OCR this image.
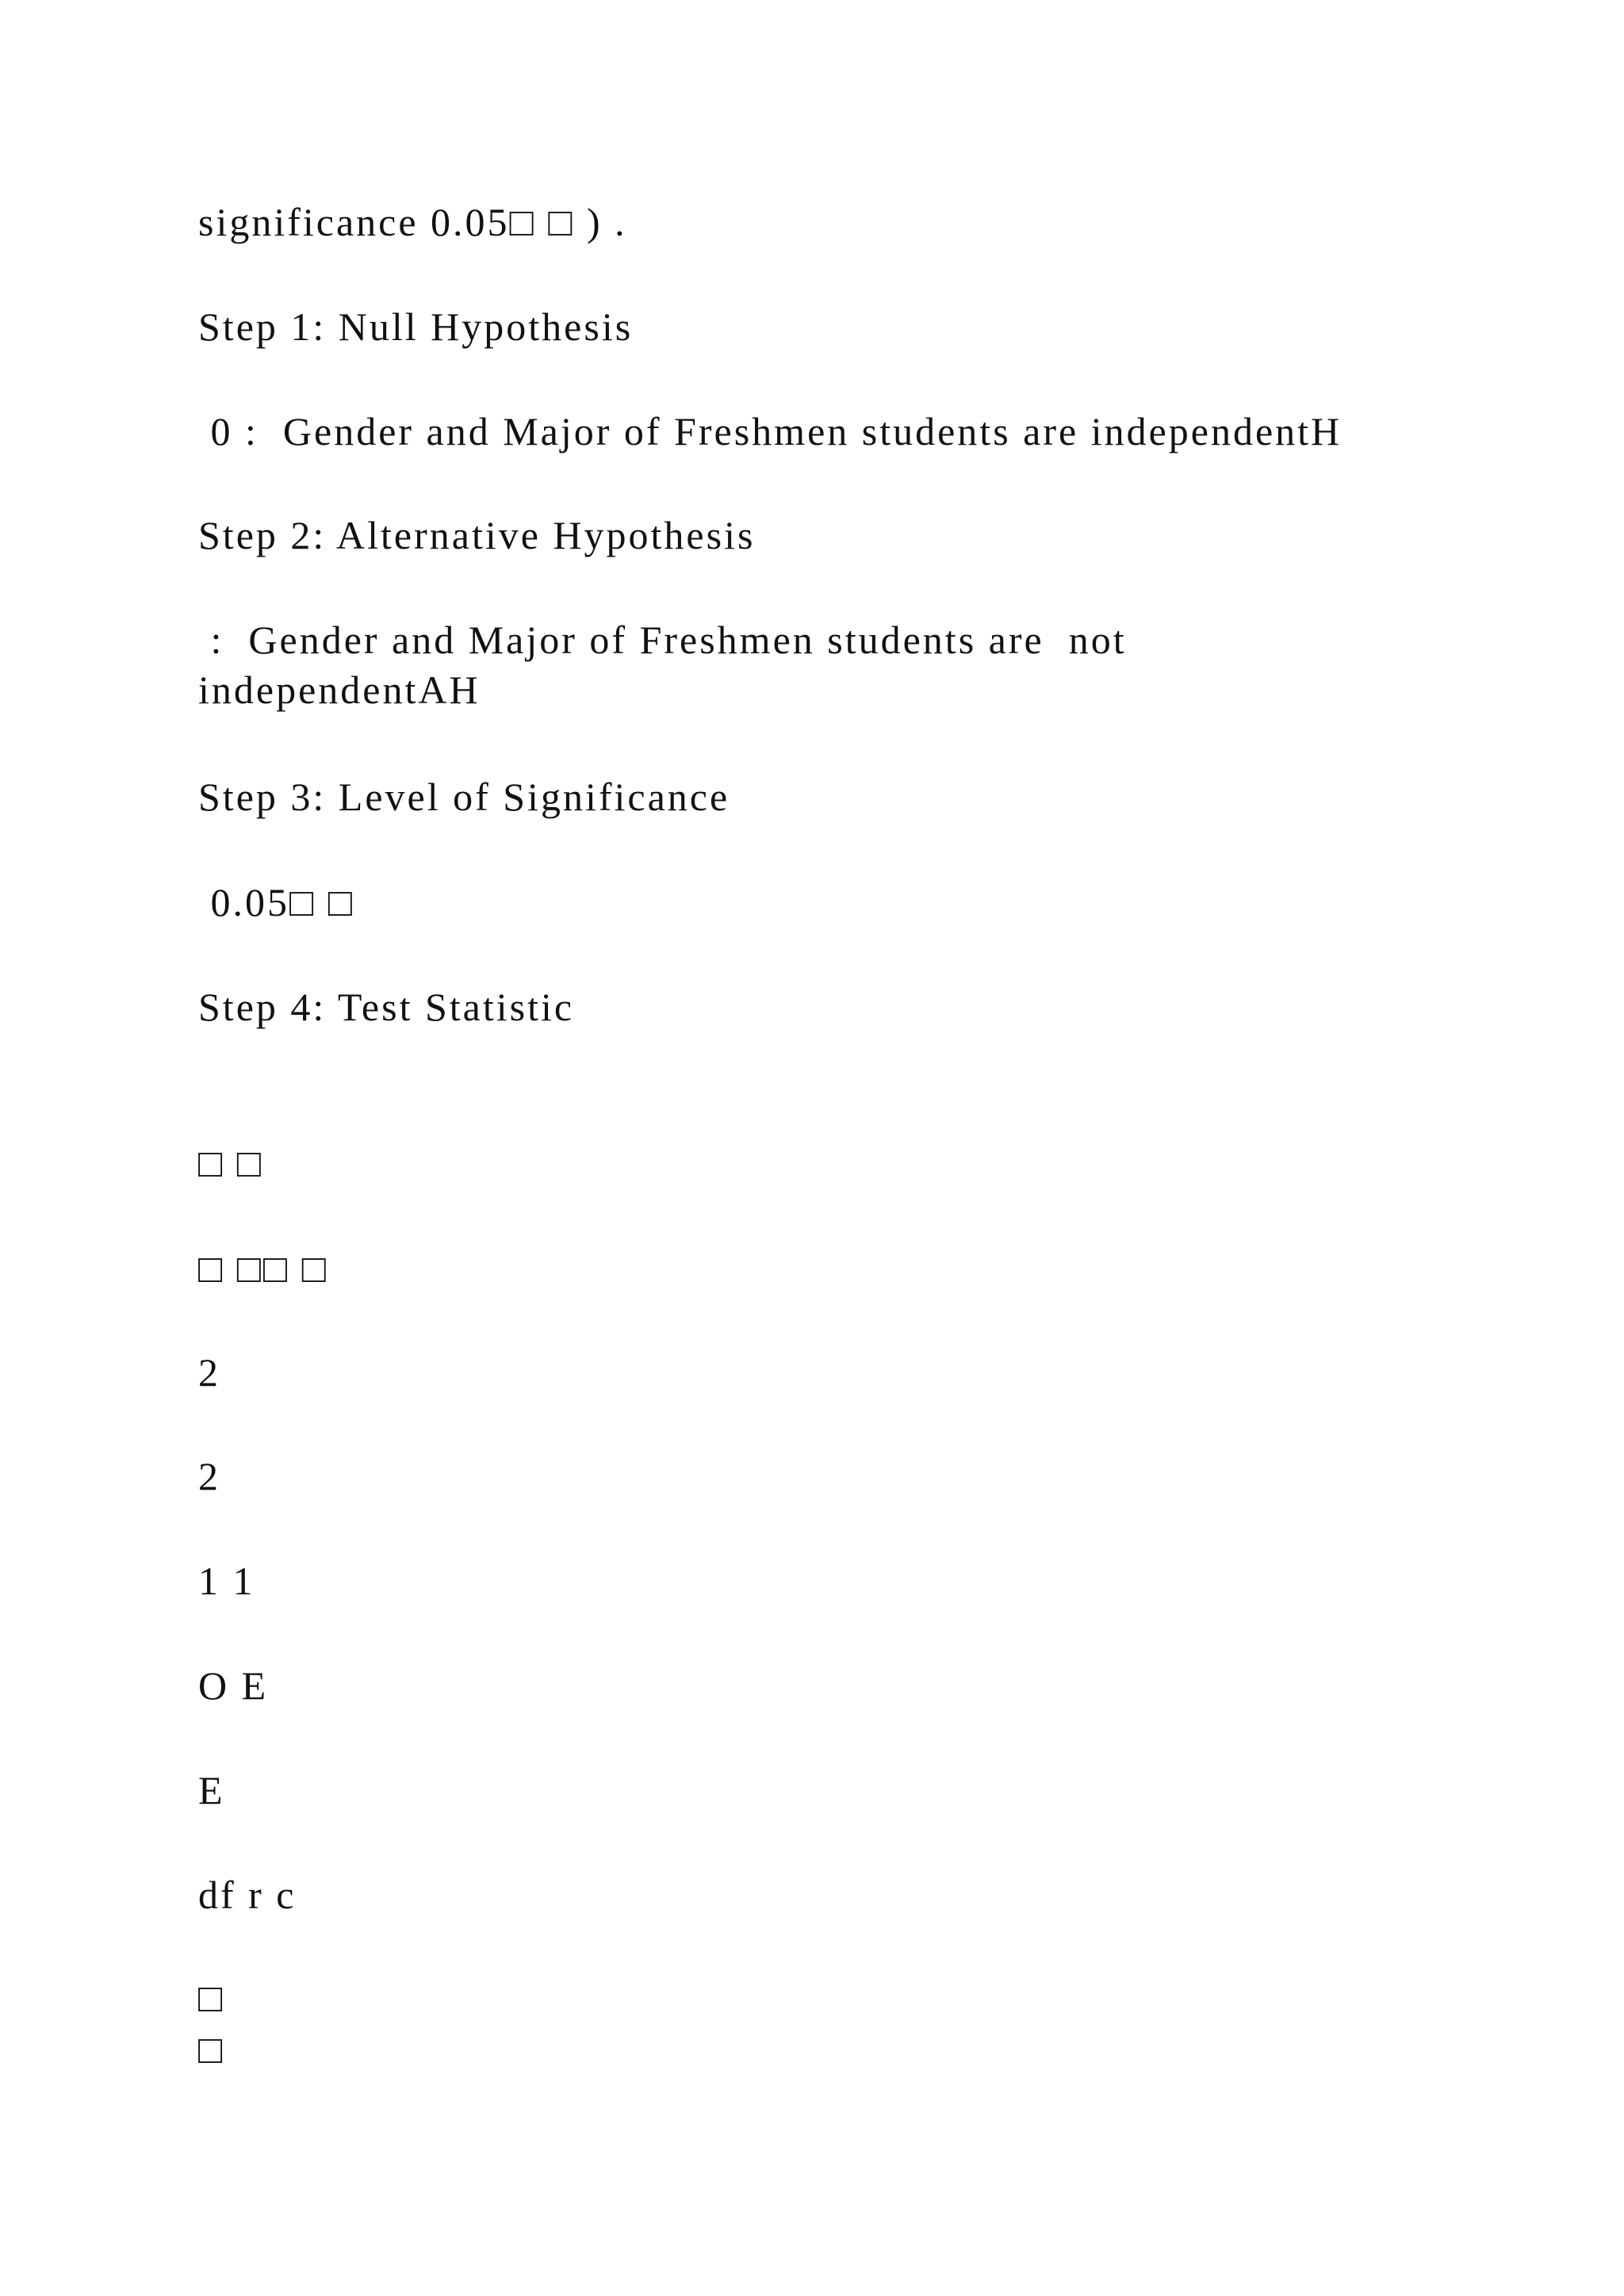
significance 0.05□ □ ) .
Step 1: Null Hypothesis
0 :  Gender and Major of Freshmen students are independentH
Step 2: Alternative Hypothesis
:  Gender and Major of Freshmen students are  not
independentAH
Step 3: Level of Significance
0.05□ □
Step 4: Test Statistic
□ □
□ □□ □
2
2
1 1
O E
E
df r c
□
□
